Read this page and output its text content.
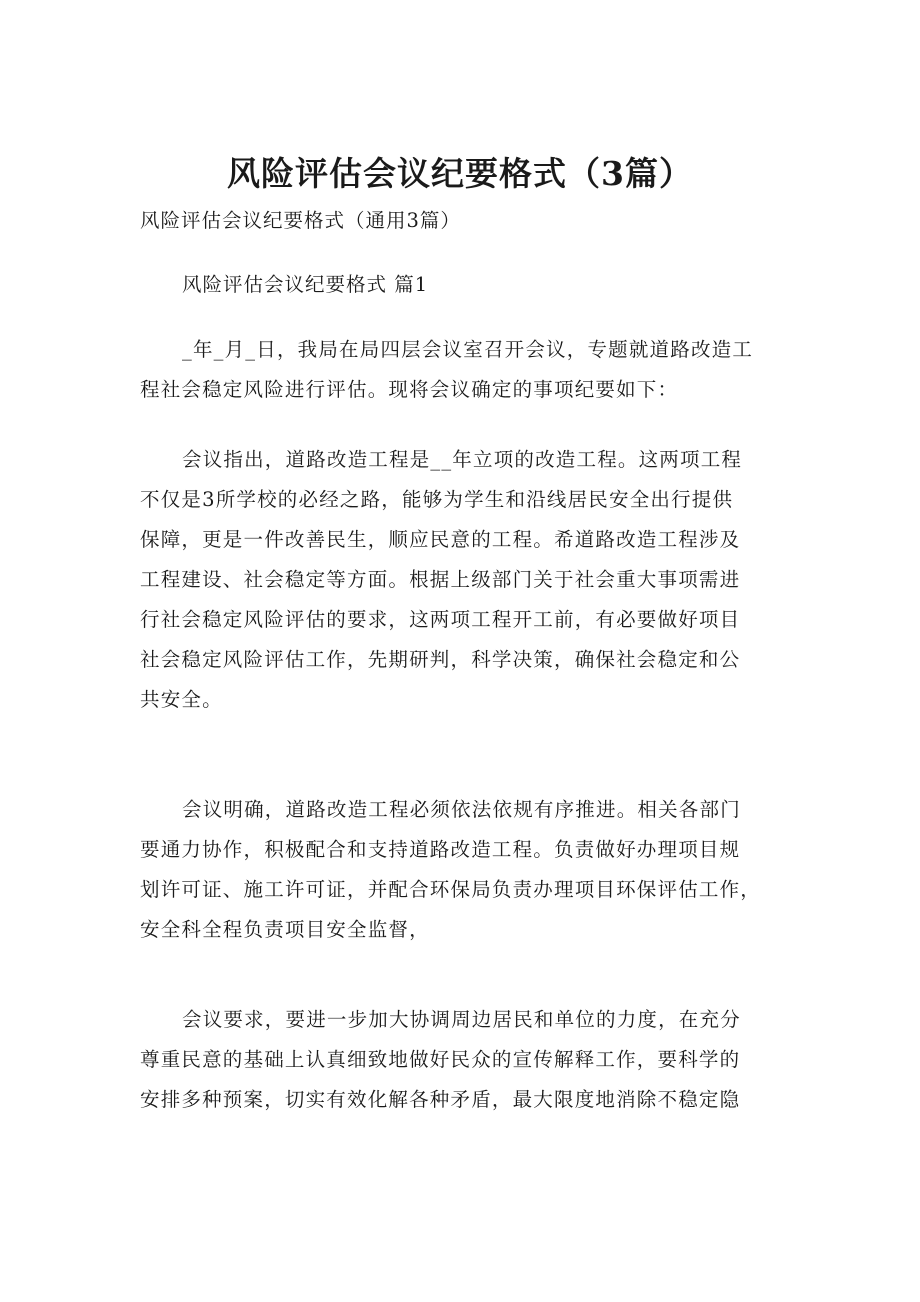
风险评估会议纪要格式（3篇）

风险评估会议纪要格式（通用3篇）

风险评估会议纪要格式 篇1

_年_月_日，我局在局四层会议室召开会议，专题就道路改造工
程社会稳定风险进行评估。现将会议确定的事项纪要如下：
会议指出，道路改造工程是__年立项的改造工程。这两项工程
不仅是3所学校的必经之路，能够为学生和沿线居民安全出行提供
保障，更是一件改善民生，顺应民意的工程。希道路改造工程涉及
工程建设、社会稳定等方面。根据上级部门关于社会重大事项需进
行社会稳定风险评估的要求，这两项工程开工前，有必要做好项目
社会稳定风险评估工作，先期研判，科学决策，确保社会稳定和公
共安全。
会议明确，道路改造工程必须依法依规有序推进。相关各部门
要通力协作，积极配合和支持道路改造工程。负责做好办理项目规
划许可证、施工许可证，并配合环保局负责办理项目环保评估工作，
安全科全程负责项目安全监督，
会议要求，要进一步加大协调周边居民和单位的力度，在充分
尊重民意的基础上认真细致地做好民众的宣传解释工作，要科学的
安排多种预案，切实有效化解各种矛盾，最大限度地消除不稳定隐
